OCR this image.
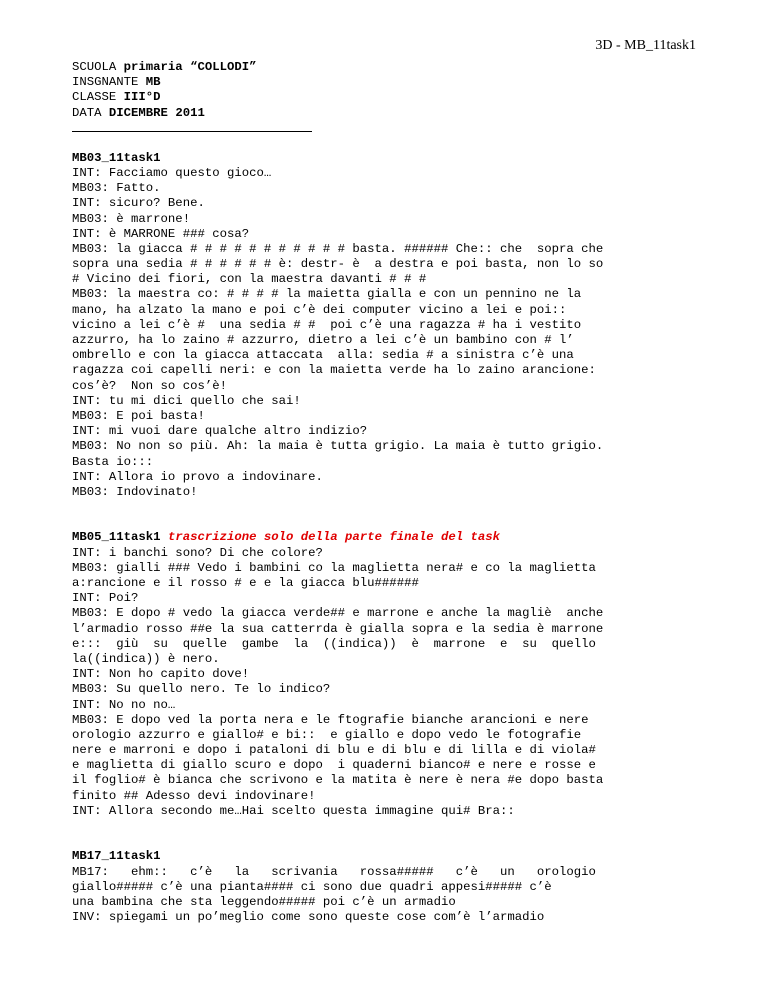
3D - MB_11task1
SCUOLA primaria “COLLODI”
INSGNANTE MB
CLASSE III°D
DATA DICEMBRE 2011
MB03_11task1
INT: Facciamo questo gioco…
MB03: Fatto.
INT: sicuro? Bene.
MB03: è marrone!
INT: è MARRONE ### cosa?
MB03: la giacca # # # # # # # # # # # basta. ###### Che:: che  sopra che
sopra una sedia # # # # # # è: destr- è  a destra e poi basta, non lo so
# Vicino dei fiori, con la maestra davanti # # #
MB03: la maestra co: # # # # la maietta gialla e con un pennino ne la
mano, ha alzato la mano e poi c’è dei computer vicino a lei e poi::
vicino a lei c’è #  una sedia # #  poi c’è una ragazza # ha i vestito
azzurro, ha lo zaino # azzurro, dietro a lei c’è un bambino con # l’
ombrello e con la giacca attaccata  alla: sedia # a sinistra c’è una
ragazza coi capelli neri: e con la maietta verde ha lo zaino arancione:
cos’è?  Non so cos’è!
INT: tu mi dici quello che sai!
MB03: E poi basta!
INT: mi vuoi dare qualche altro indizio?
MB03: No non so più. Ah: la maia è tutta grigio. La maia è tutto grigio.
Basta io:::
INT: Allora io provo a indovinare.
MB03: Indovinato!
MB05_11task1 trascrizione solo della parte finale del task
INT: i banchi sono? Di che colore?
MB03: gialli ### Vedo i bambini co la maglietta nera# e co la maglietta
a:rancione e il rosso # e e la giacca blu######
INT: Poi?
MB03: E dopo # vedo la giacca verde## e marrone e anche la magliè  anche
l’armadio rosso ##e la sua catterrda è gialla sopra e la sedia è marrone
e:::  giù  su  quelle  gambe  la  ((indica))  è  marrone  e  su  quello
la((indica)) è nero.
INT: Non ho capito dove!
MB03: Su quello nero. Te lo indico?
INT: No no no…
MB03: E dopo ved la porta nera e le ftografie bianche arancioni e nere
orologio azzurro e giallo# e bi::  e giallo e dopo vedo le fotografie
nere e marroni e dopo i pataloni di blu e di blu e di lilla e di viola#
e maglietta di giallo scuro e dopo  i quaderni bianco# e nere e rosse e
il foglio# è bianca che scrivono e la matita è nere è nera #e dopo basta
finito ## Adesso devi indovinare!
INT: Allora secondo me…Hai scelto questa immagine qui# Bra::
MB17_11task1
MB17:   ehm::   c’è   la   scrivania   rossa#####   c’è   un   orologio
giallo##### c’è una pianta#### ci sono due quadri appesi##### c’è
una bambina che sta leggendo##### poi c’è un armadio
INV: spiegami un po’meglio come sono queste cose com’è l’armadio
